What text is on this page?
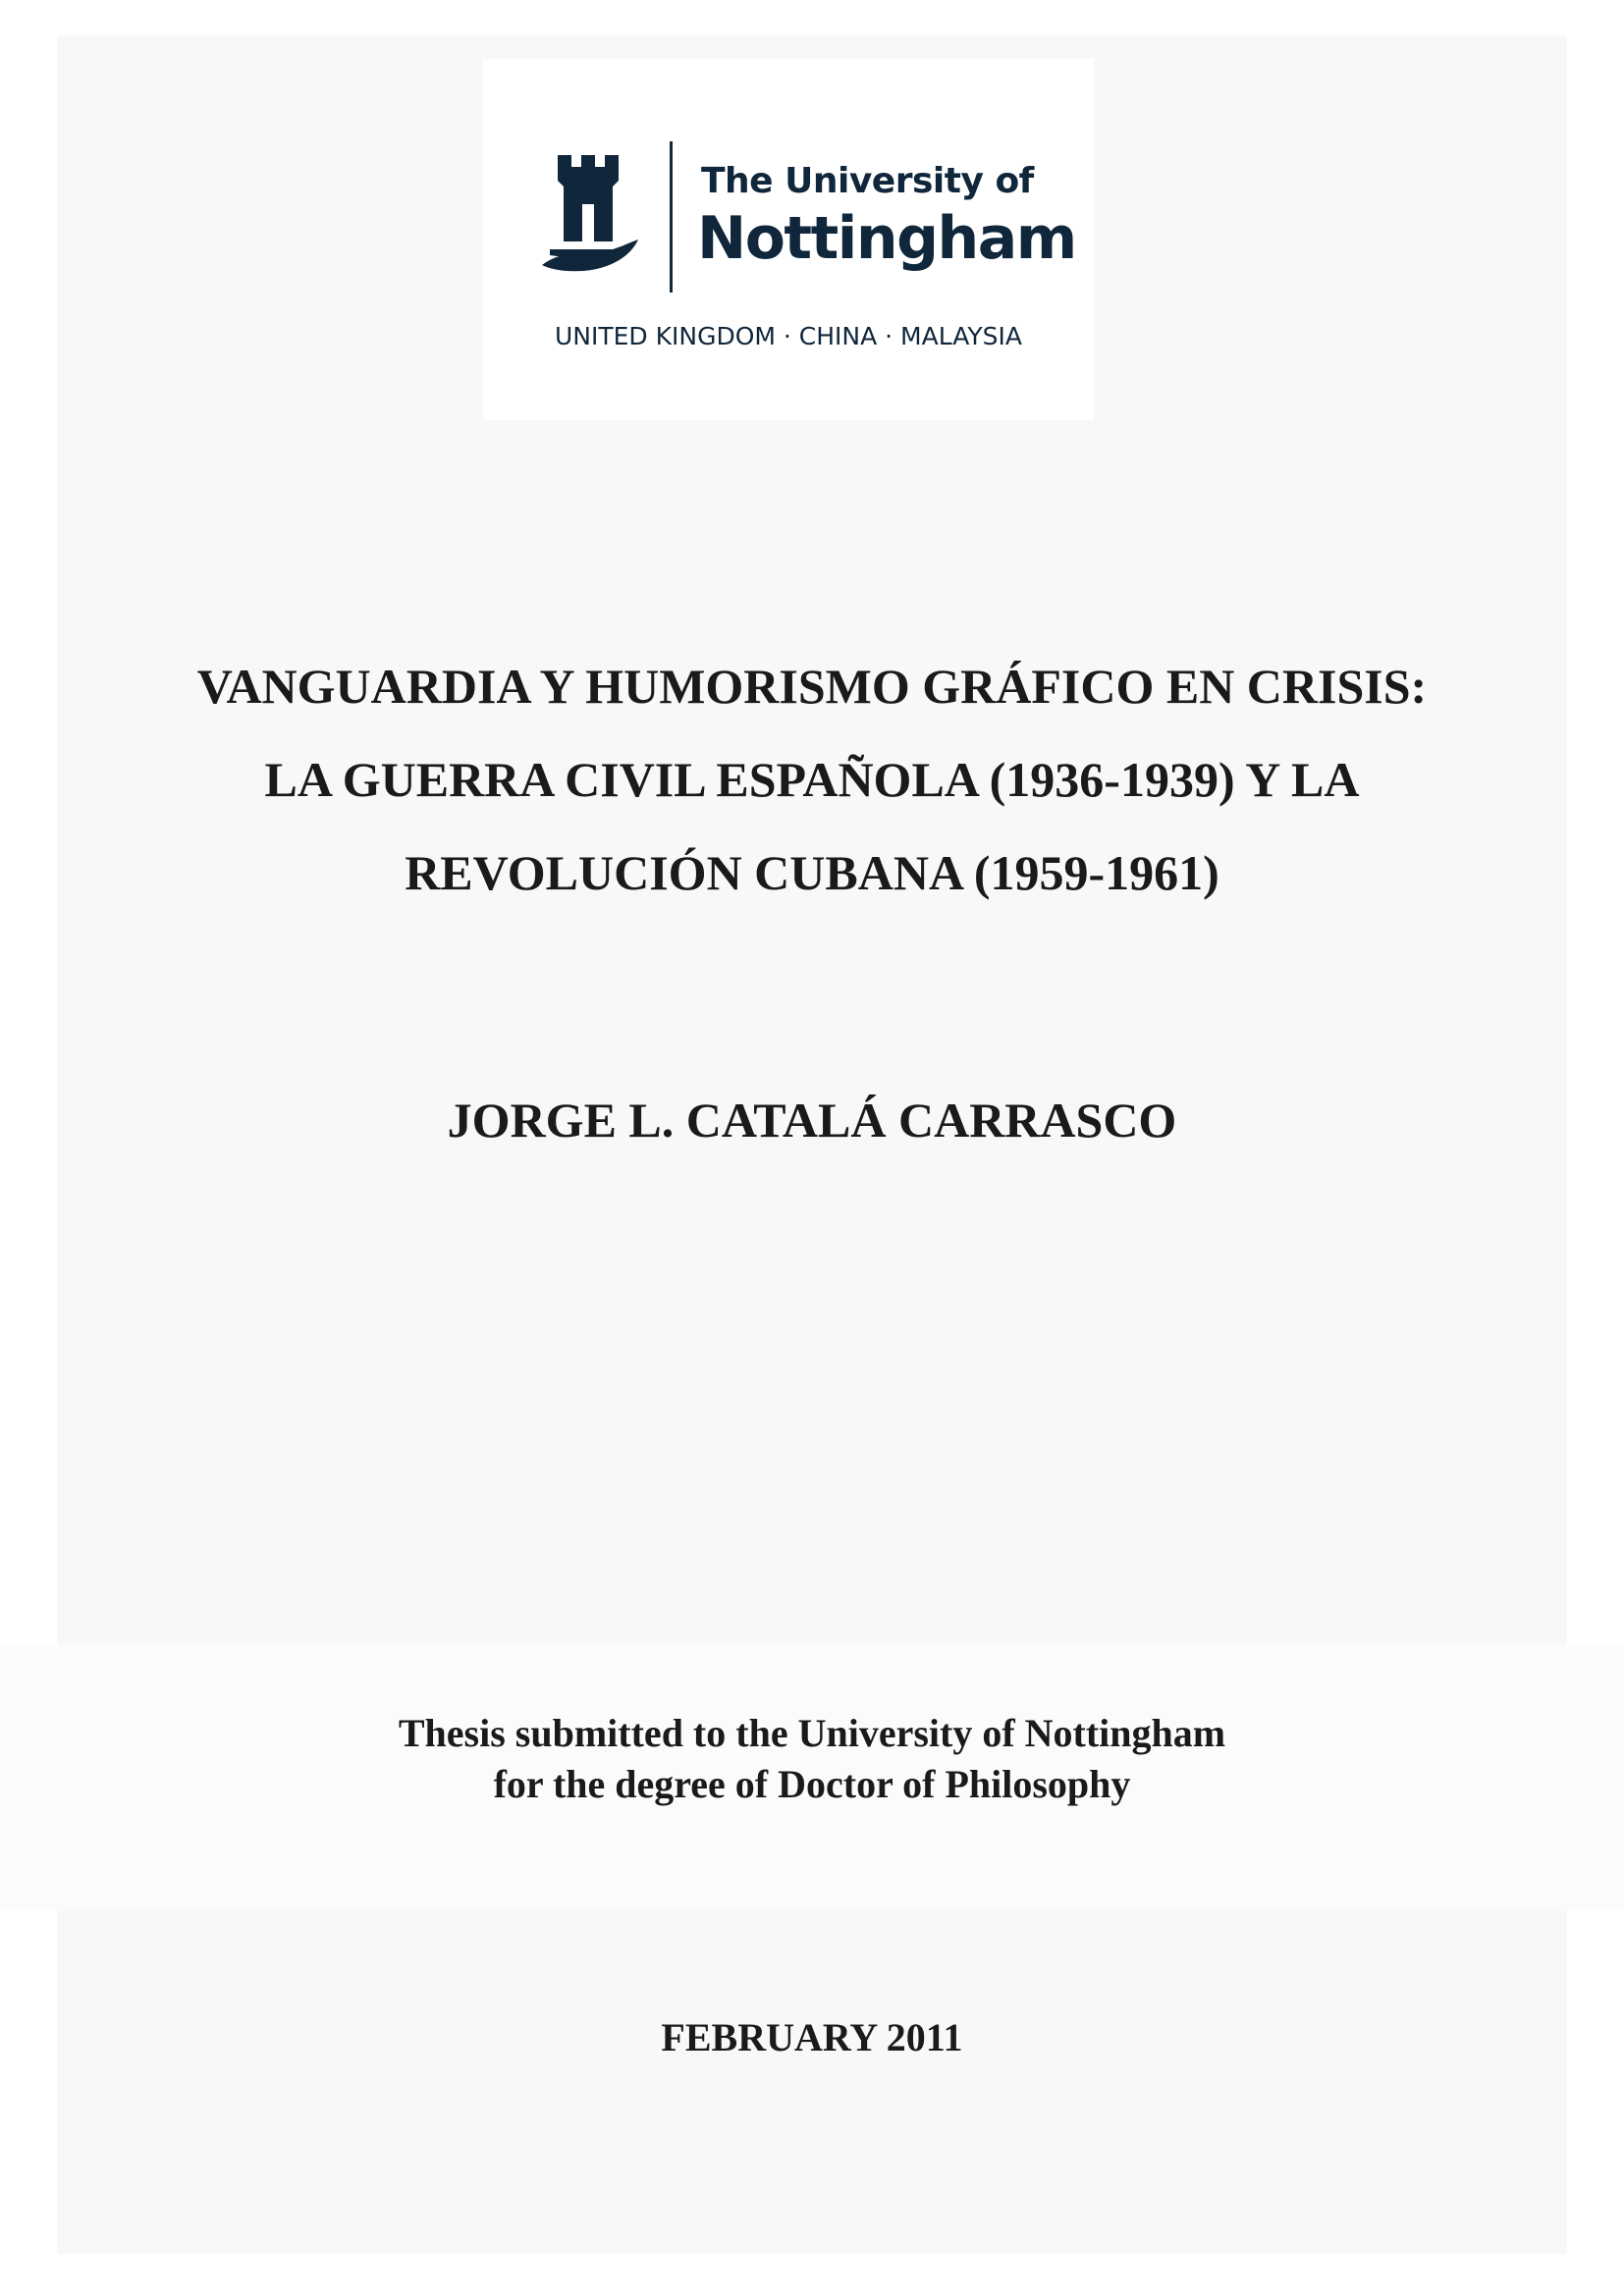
The University of
Nottingham
UNITED KINGDOM · CHINA · MALAYSIA
VANGUARDIA Y HUMORISMO GRÁFICO EN CRISIS:
LA GUERRA CIVIL ESPAÑOLA (1936-1939) Y LA
REVOLUCIÓN CUBANA (1959-1961)
JORGE L. CATALÁ CARRASCO

Thesis submitted to the University of Nottingham
for the degree of Doctor of Philosophy

FEBRUARY 2011
